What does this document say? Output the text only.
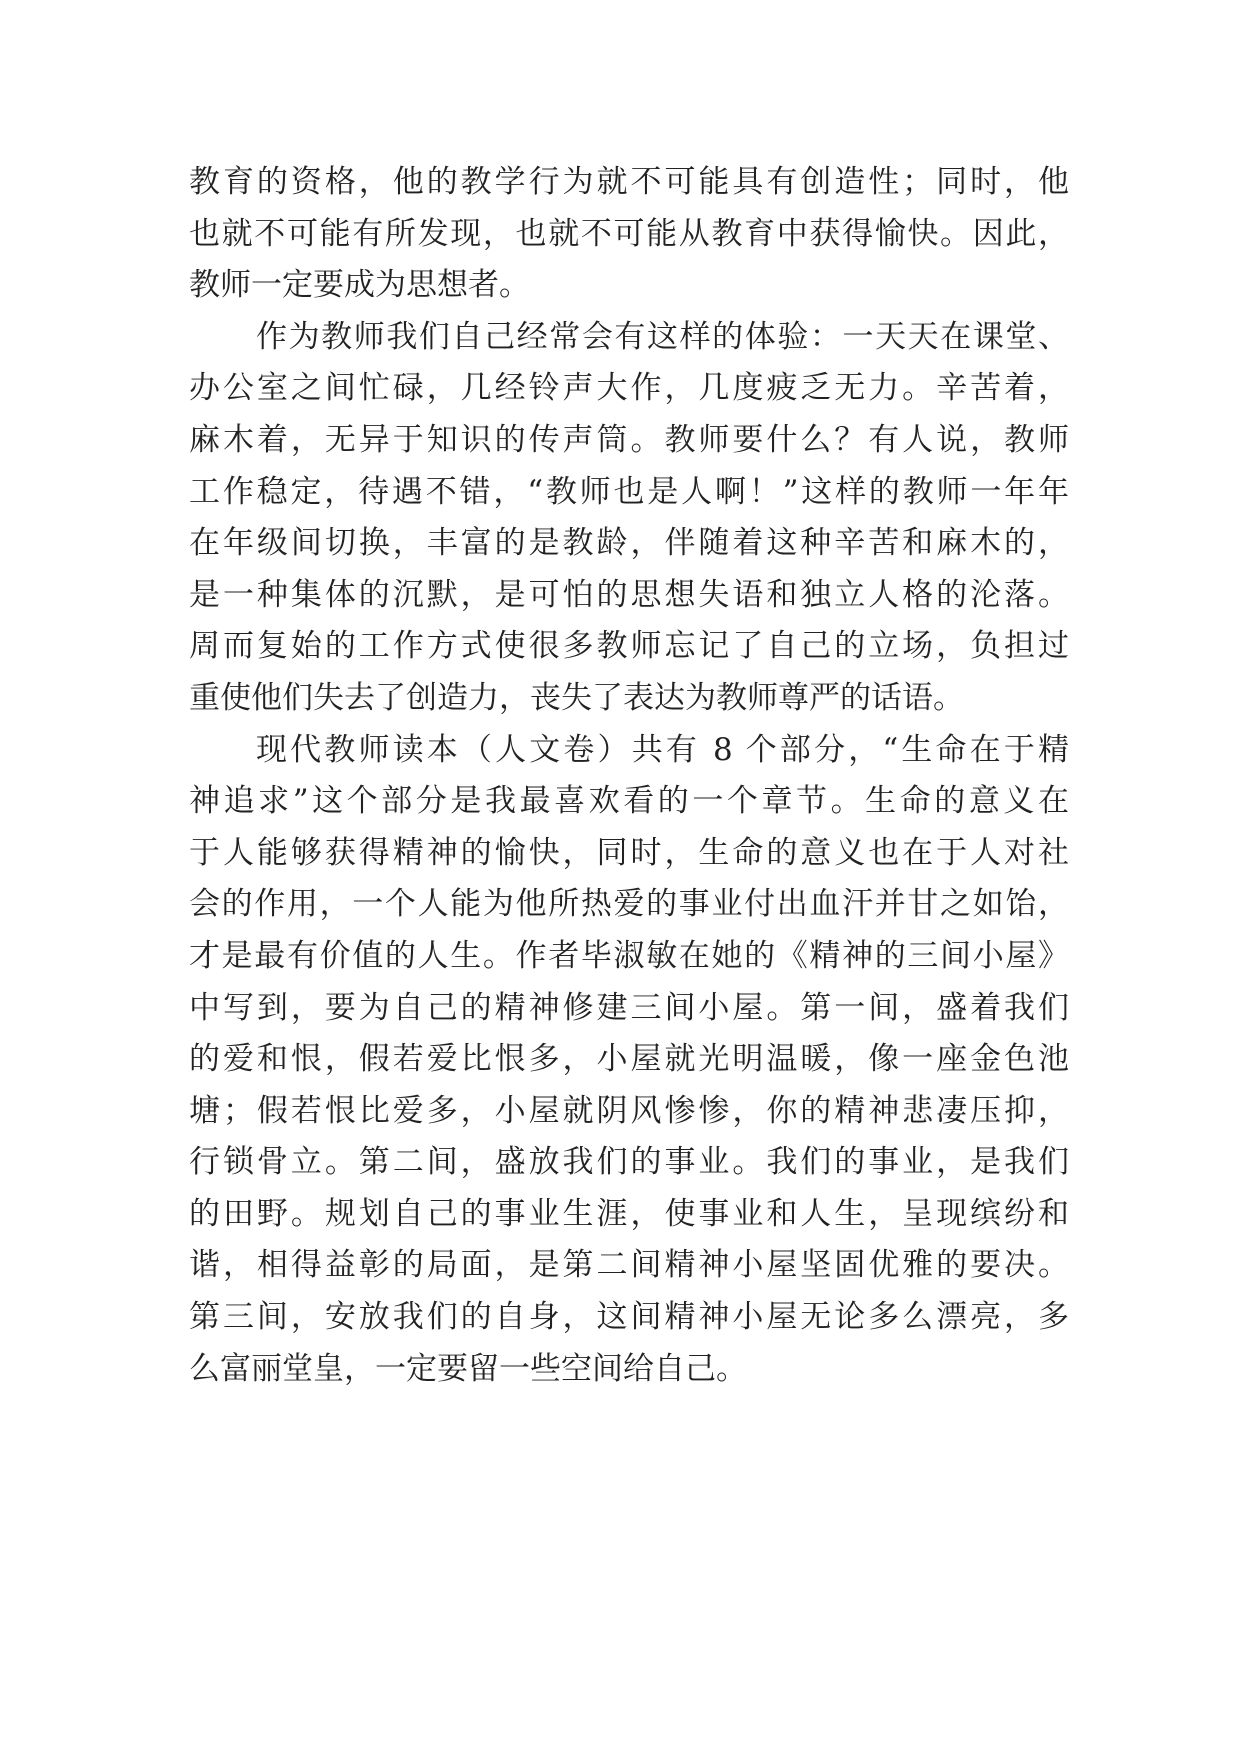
教育的资格，他的教学行为就不可能具有创造性；同时，他
也就不可能有所发现，也就不可能从教育中获得愉快。因此，
教师一定要成为思想者。
作为教师我们自己经常会有这样的体验：一天天在课堂、
办公室之间忙碌，几经铃声大作，几度疲乏无力。辛苦着，
麻木着，无异于知识的传声筒。教师要什么？有人说，教师
工作稳定，待遇不错，“教师也是人啊！”这样的教师一年年
在年级间切换，丰富的是教龄，伴随着这种辛苦和麻木的，
是一种集体的沉默，是可怕的思想失语和独立人格的沦落。
周而复始的工作方式使很多教师忘记了自己的立场，负担过
重使他们失去了创造力，丧失了表达为教师尊严的话语。
现代教师读本（人文卷）共有 8 个部分，“生命在于精
神追求”这个部分是我最喜欢看的一个章节。生命的意义在
于人能够获得精神的愉快，同时，生命的意义也在于人对社
会的作用，一个人能为他所热爱的事业付出血汗并甘之如饴，
才是最有价值的人生。作者毕淑敏在她的《精神的三间小屋》
中写到，要为自己的精神修建三间小屋。第一间，盛着我们
的爱和恨，假若爱比恨多，小屋就光明温暖，像一座金色池
塘；假若恨比爱多，小屋就阴风惨惨，你的精神悲凄压抑，
行锁骨立。第二间，盛放我们的事业。我们的事业，是我们
的田野。规划自己的事业生涯，使事业和人生，呈现缤纷和
谐，相得益彰的局面，是第二间精神小屋坚固优雅的要决。
第三间，安放我们的自身，这间精神小屋无论多么漂亮，多
么富丽堂皇，一定要留一些空间给自己。
